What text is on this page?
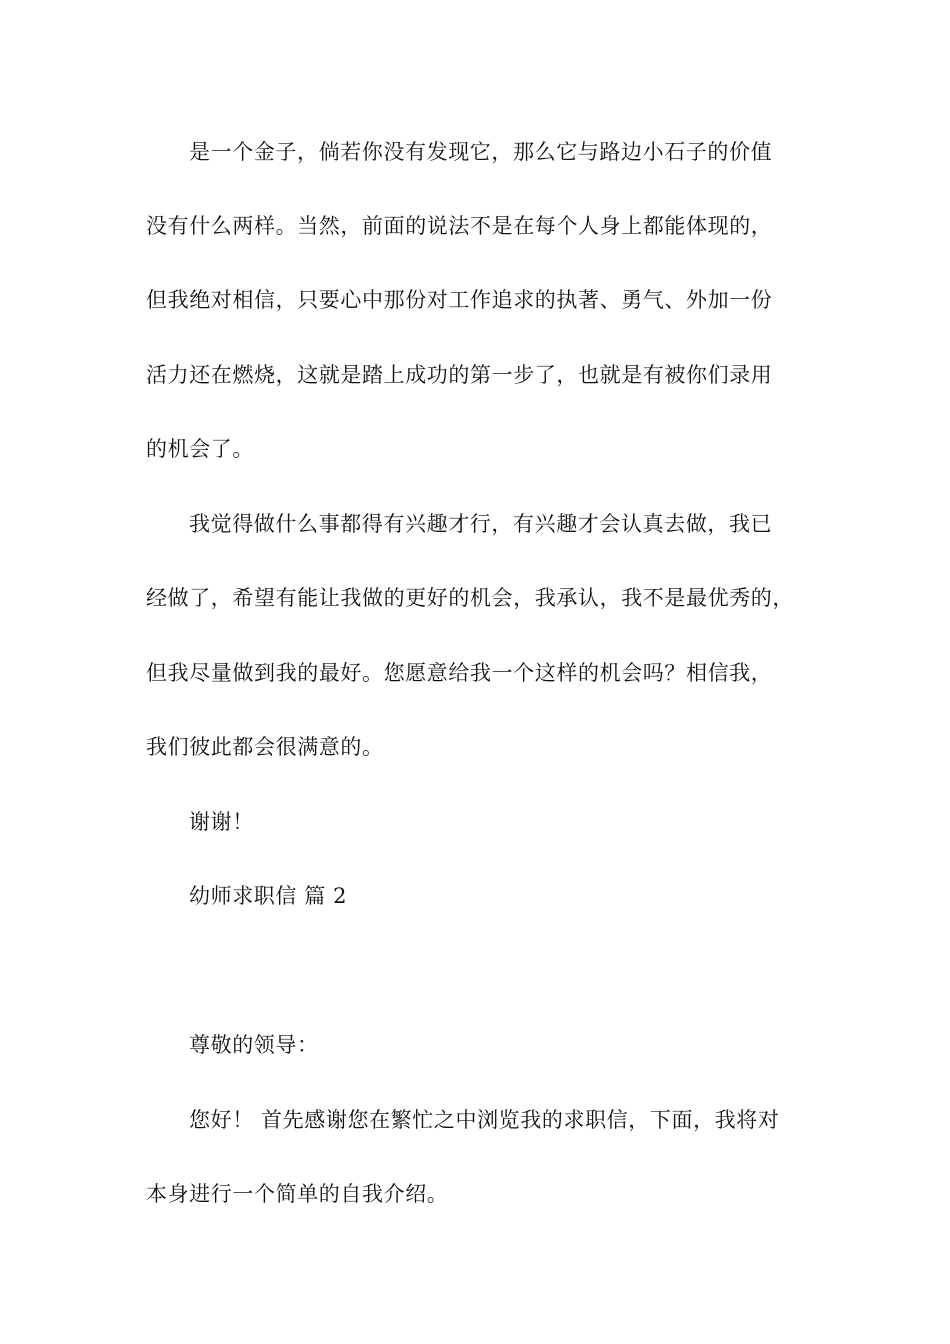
是一个金子，倘若你没有发现它，那么它与路边小石子的价值
没有什么两样。当然，前面的说法不是在每个人身上都能体现的，
但我绝对相信，只要心中那份对工作追求的执著、勇气、外加一份
活力还在燃烧，这就是踏上成功的第一步了，也就是有被你们录用
的机会了。
我觉得做什么事都得有兴趣才行，有兴趣才会认真去做，我已
经做了，希望有能让我做的更好的机会，我承认，我不是最优秀的，
但我尽量做到我的最好。您愿意给我一个这样的机会吗？相信我，
我们彼此都会很满意的。
谢谢！
幼师求职信 篇 2
尊敬的领导：
您好！ 首先感谢您在繁忙之中浏览我的求职信，下面，我将对
本身进行一个简单的自我介绍。
